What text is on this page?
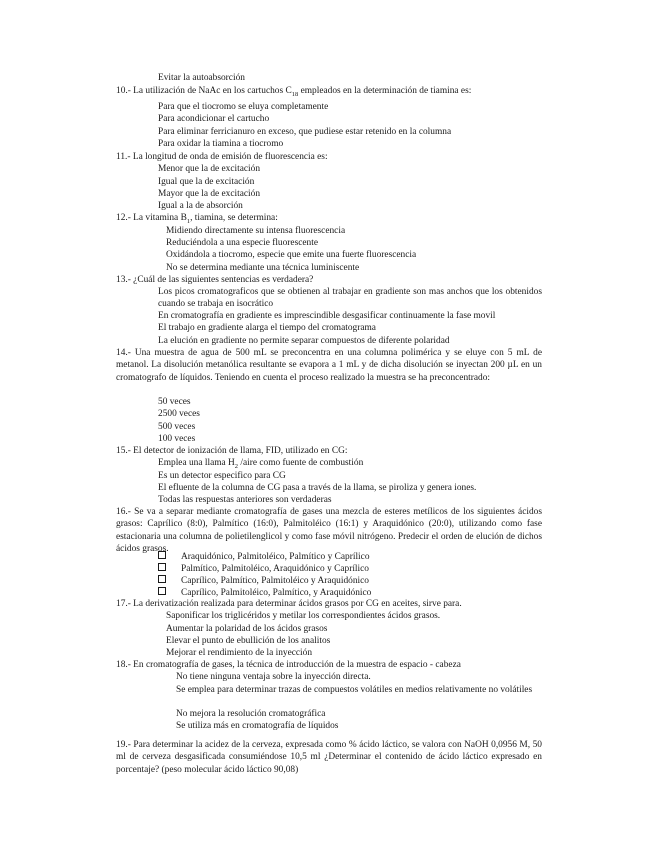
Evitar la autoabsorción
10.- La utilización de NaAc en los cartuchos $C_{18}$ empleados en la determinación de tiamina es:
Para que el tiocromo se eluya completamente
Para acondicionar el cartucho
Para eliminar ferricianuro en exceso, que pudiese estar retenido en la columna
Para oxidar la tiamina a tiocromo
11.- La longitud de onda de emisión de fluorescencia es:
Menor que la de excitación
Igual que la de excitación
Mayor que la de excitación
Igual a la de absorción
12.- La vitamina $B_1$, tiamina, se determina:
Midiendo directamente su intensa fluorescencia
Reduciéndola a una especie fluorescente
Oxidándola a tiocromo, especie que emite una fuerte fluorescencia
No se determina mediante una técnica luminiscente
13.- ¿Cuál de las siguientes sentencias es verdadera?
Los picos cromatograficos que se obtienen al trabajar en gradiente son mas anchos que los obtenidos cuando se trabaja en isocrático
En cromatografía en gradiente es imprescindible desgasificar continuamente la fase movil
El trabajo en gradiente alarga el tiempo del cromatograma
La elución en gradiente no permite separar compuestos de diferente polaridad
14.- Una muestra de agua de 500 mL se preconcentra en una columna polimérica y se eluye con 5 mL de metanol. La disolución metanólica resultante se evapora a 1 mL y de dicha disolución se inyectan 200 µL en un cromatografo de líquidos. Teniendo en cuenta el proceso realizado la muestra se ha preconcentrado:
50 veces
2500 veces
500 veces
100 veces
15.- El detector de ionización de llama, FID, utilizado en CG:
Emplea una llama $H_2$ /aire como fuente de combustión
Es un detector especifico para CG
El efluente de la columna de CG pasa a través de la llama, se piroliza y genera iones.
Todas las respuestas anteriores son verdaderas
16.- Se va a separar mediante cromatografía de gases una mezcla de esteres metílicos de los siguientes ácidos grasos: Caprílico (8:0), Palmítico (16:0), Palmitoléico (16:1) y Araquidónico (20:0), utilizando como fase estacionaria una columna de polietilenglicol y como fase móvil nitrógeno. Predecir el orden de elución de dichos ácidos grasos.
Araquidónico, Palmitoléico, Palmítico y Caprílico
Palmítico, Palmitoléico, Araquidónico y Caprílico
Caprílico, Palmítico, Palmitoléico y Araquidónico
Caprílico, Palmitoléico, Palmítico, y Araquidónico
17.- La derivatización realizada para determinar ácidos grasos por CG en aceites, sirve para.
Saponificar los triglicéridos y metilar los correspondientes ácidos grasos.
Aumentar la polaridad de los ácidos grasos
Elevar el punto de ebullición de los analitos
Mejorar el rendimiento de la inyección
18.- En cromatografía de gases, la técnica de introducción de la muestra de espacio - cabeza
No tiene ninguna ventaja sobre la inyección directa.
Se emplea para determinar trazas de compuestos volátiles en medios relativamente no volátiles
No mejora la resolución cromatográfica
Se utiliza más en cromatografía de líquidos
19.- Para determinar la acidez de la cerveza, expresada como % ácido láctico, se valora con NaOH 0,0956 M, 50 ml de cerveza desgasificada consumiéndose 10,5 ml ¿Determinar el contenido de ácido láctico expresado en porcentaje? (peso molecular ácido láctico 90,08)
